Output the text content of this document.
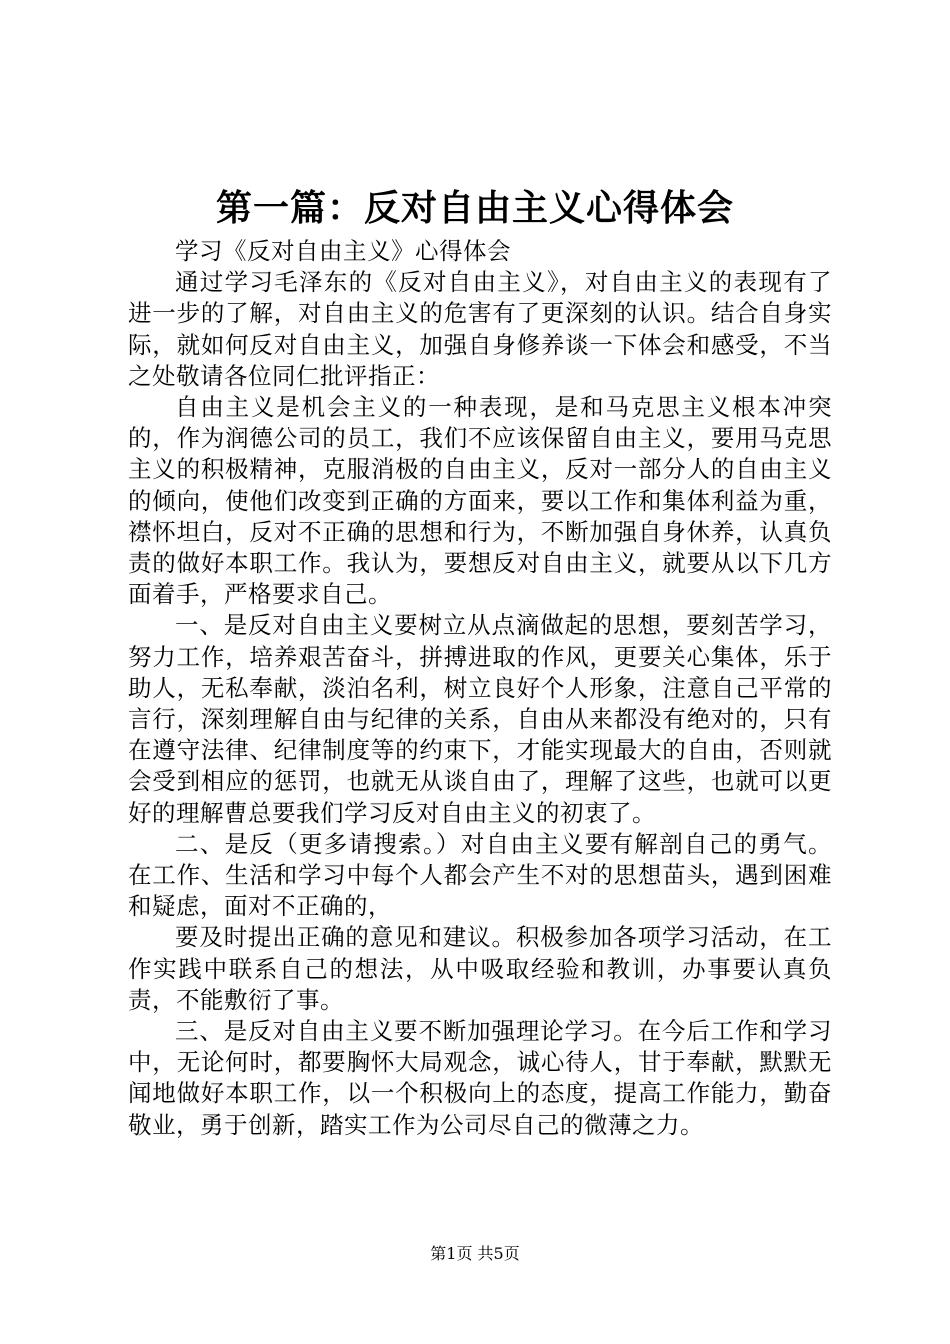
第一篇：反对自由主义心得体会

学习《反对自由主义》心得体会

通过学习毛泽东的《反对自由主义》，对自由主义的表现有了进一步的了解，对自由主义的危害有了更深刻的认识。结合自身实际，就如何反对自由主义，加强自身修养谈一下体会和感受，不当之处敬请各位同仁批评指正：

自由主义是机会主义的一种表现，是和马克思主义根本冲突的，作为润德公司的员工，我们不应该保留自由主义，要用马克思主义的积极精神，克服消极的自由主义，反对一部分人的自由主义的倾向，使他们改变到正确的方面来，要以工作和集体利益为重，襟怀坦白，反对不正确的思想和行为，不断加强自身休养，认真负责的做好本职工作。我认为，要想反对自由主义，就要从以下几方面着手，严格要求自己。

一、是反对自由主义要树立从点滴做起的思想，要刻苦学习，努力工作，培养艰苦奋斗，拼搏进取的作风，更要关心集体，乐于助人，无私奉献，淡泊名利，树立良好个人形象，注意自己平常的言行，深刻理解自由与纪律的关系，自由从来都没有绝对的，只有在遵守法律、纪律制度等的约束下，才能实现最大的自由，否则就会受到相应的惩罚，也就无从谈自由了，理解了这些，也就可以更好的理解曹总要我们学习反对自由主义的初衷了。

二、是反（更多请搜索。）对自由主义要有解剖自己的勇气。在工作、生活和学习中每个人都会产生不对的思想苗头，遇到困难和疑虑，面对不正确的，

要及时提出正确的意见和建议。积极参加各项学习活动，在工作实践中联系自己的想法，从中吸取经验和教训，办事要认真负责，不能敷衍了事。

三、是反对自由主义要不断加强理论学习。在今后工作和学习中，无论何时，都要胸怀大局观念，诚心待人，甘于奉献，默默无闻地做好本职工作，以一个积极向上的态度，提高工作能力，勤奋敬业，勇于创新，踏实工作为公司尽自己的微薄之力。

第1页 共5页
